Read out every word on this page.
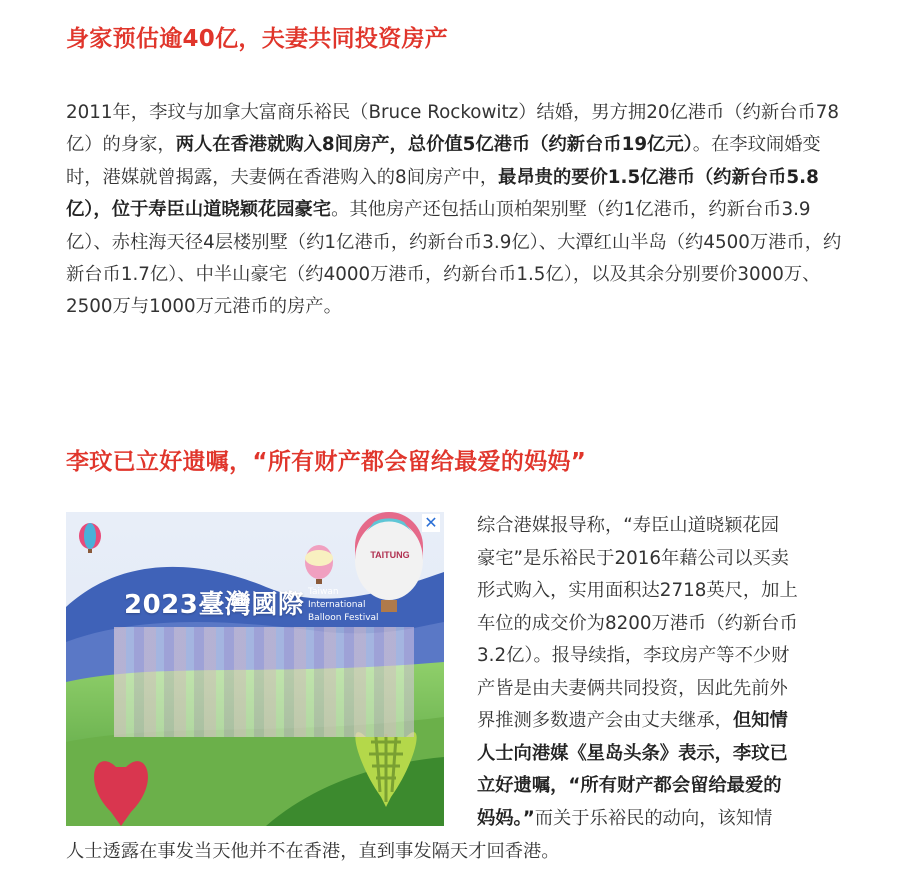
身家预估逾40亿，夫妻共同投资房产

2011年，李玟与加拿大富商乐裕民（Bruce Rockowitz）结婚，男方拥20亿港币（约新台币78亿）的身家，两人在香港就购入8间房产，总价值5亿港币（约新台币19亿元）。在李玟闹婚变时，港媒就曾揭露，夫妻俩在香港购入的8间房产中，最昂贵的要价1.5亿港币（约新台币5.8亿），位于寿臣山道晓颖花园豪宅。其他房产还包括山顶柏架别墅（约1亿港币，约新台币3.9亿）、赤柱海天径4层楼别墅（约1亿港币，约新台币3.9亿）、大潭红山半岛（约4500万港币，约新台币1.7亿）、中半山豪宅（约4000万港币，约新台币1.5亿），以及其余分别要价3000万、2500万与1000万元港币的房产。

李玟已立好遗嘱，“所有财产都会留给最爱的妈妈”
TAITUNG
2023臺灣國際 Taiwan International Balloon Festival
✕ 综合港媒报导称，“寿臣山道晓颖花园
豪宅”是乐裕民于2016年藉公司以买卖
形式购入，实用面积达2718英尺，加上
车位的成交价为8200万港币（约新台币
3.2亿）。报导续指，李玟房产等不少财
产皆是由夫妻俩共同投资，因此先前外
界推测多数遗产会由丈夫继承，但知情
人士向港媒《星岛头条》表示，李玟已
立好遗嘱，“所有财产都会留给最爱的
妈妈。”而关于乐裕民的动向，该知情

人士透露在事发当天他并不在香港，直到事发隔天才回香港。
